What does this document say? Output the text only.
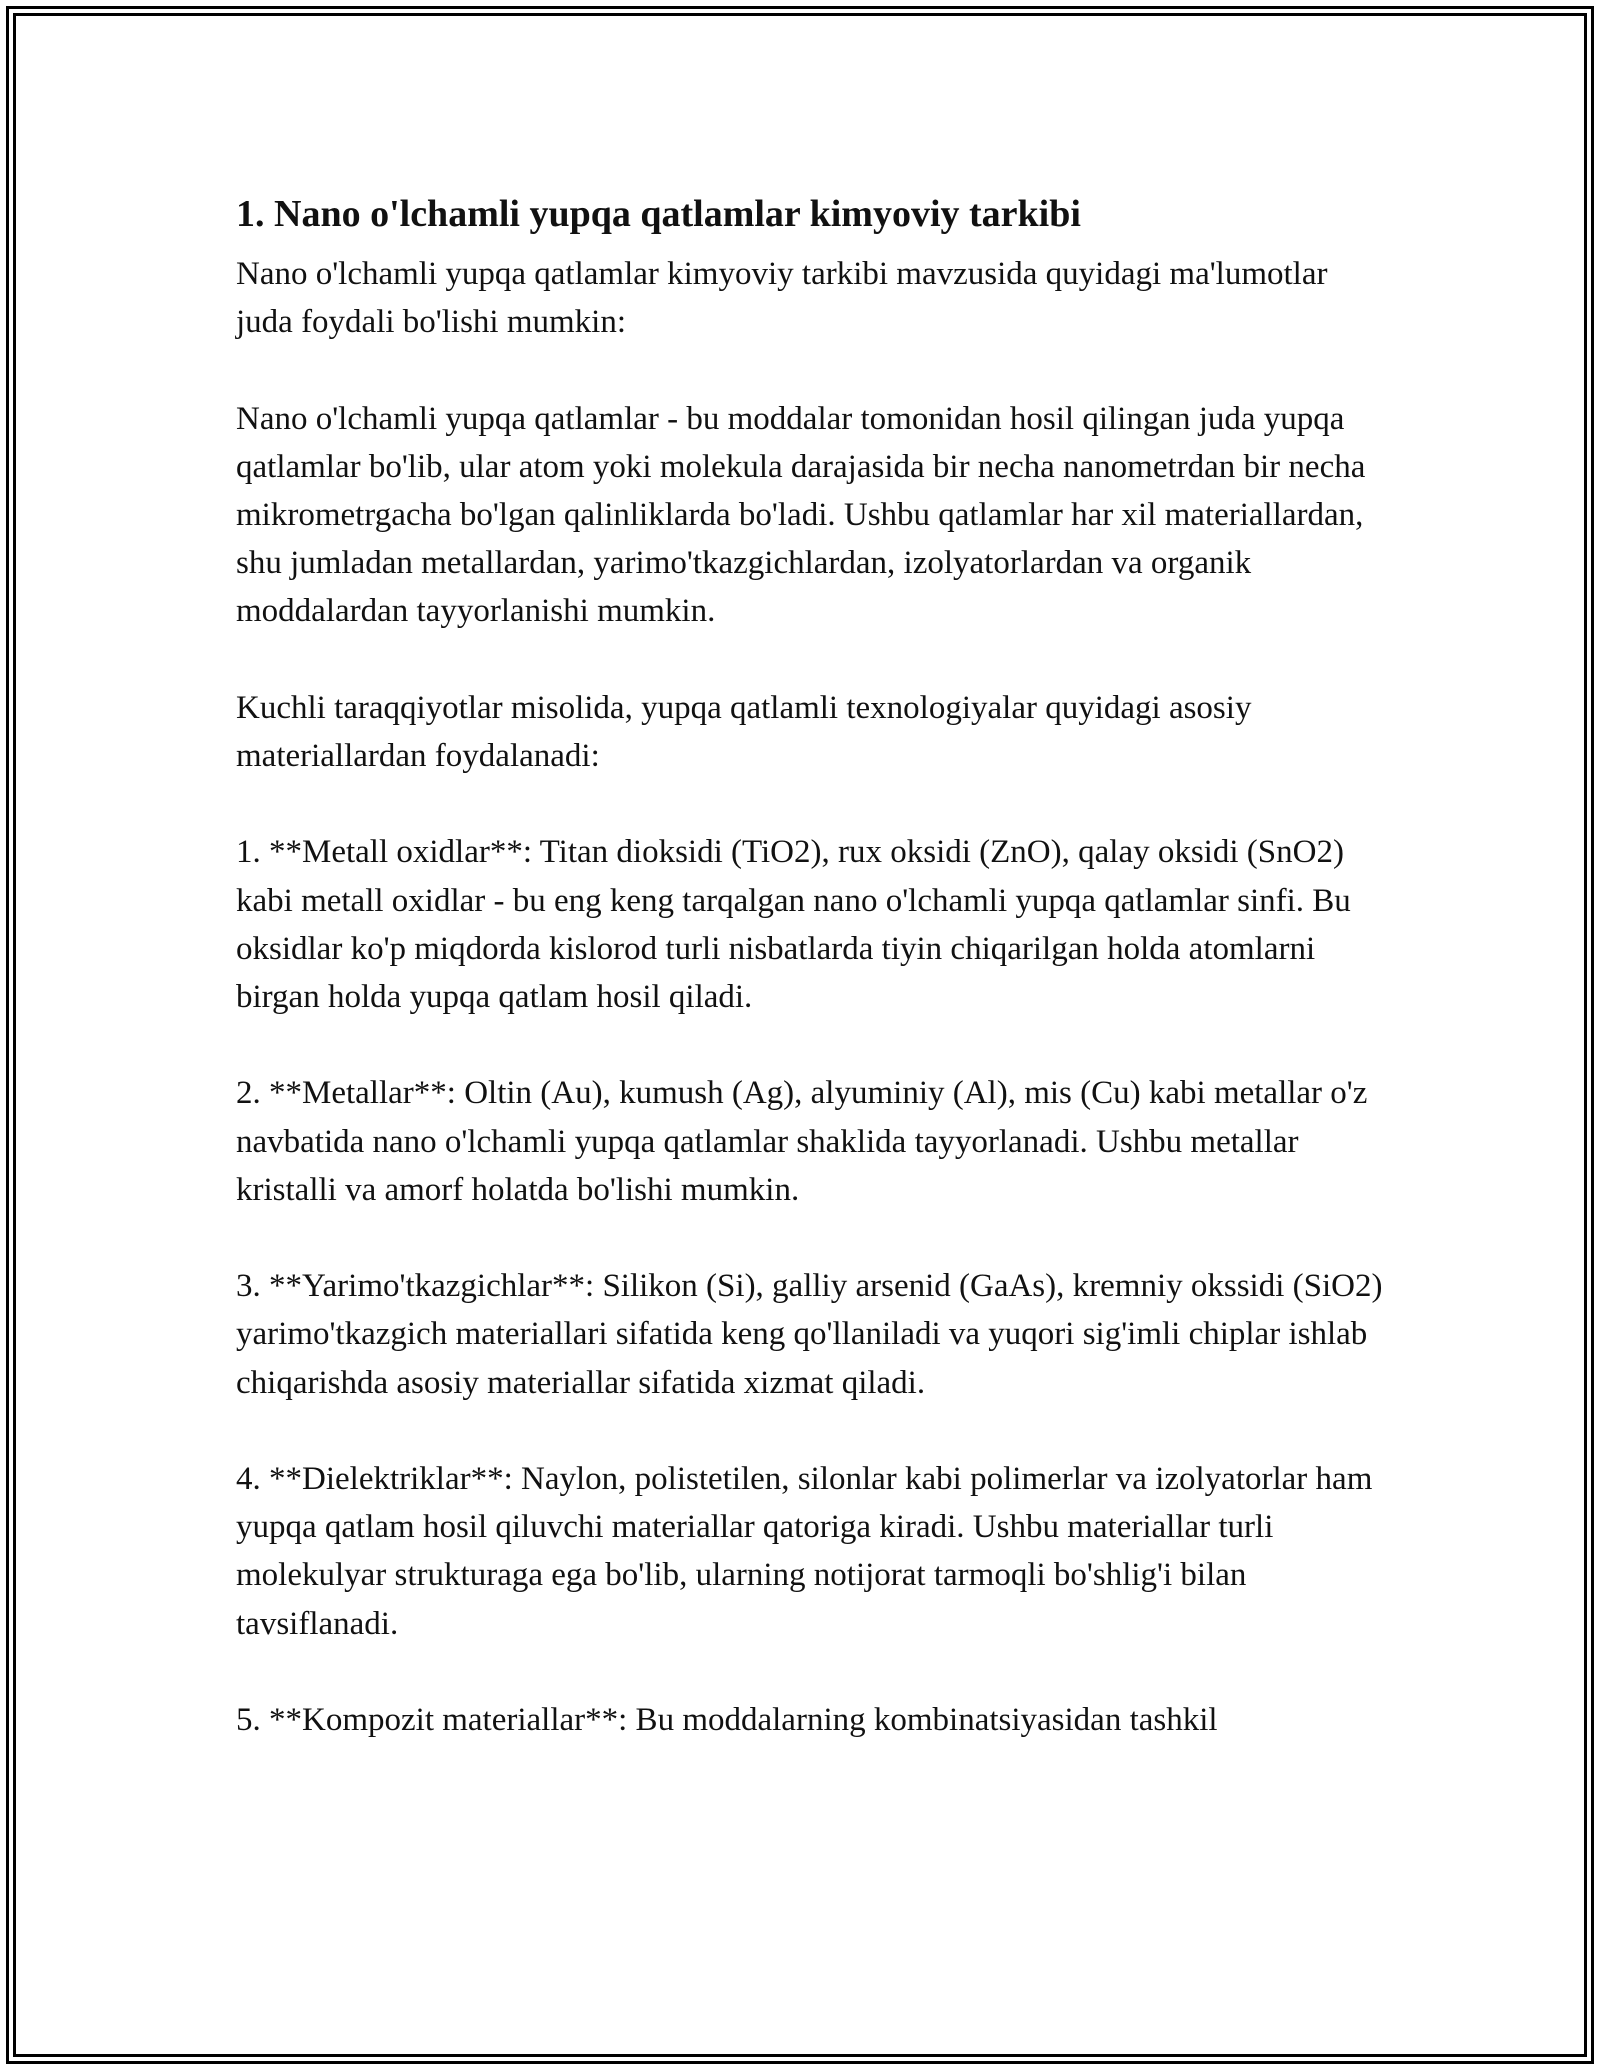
1. Nano o'lchamli yupqa qatlamlar kimyoviy tarkibi

Nano o'lchamli yupqa qatlamlar kimyoviy tarkibi mavzusida quyidagi ma'lumotlar juda foydali bo'lishi mumkin:

Nano o'lchamli yupqa qatlamlar - bu moddalar tomonidan hosil qilingan juda yupqa qatlamlar bo'lib, ular atom yoki molekula darajasida bir necha nanometrdan bir necha mikrometrgacha bo'lgan qalinliklarda bo'ladi. Ushbu qatlamlar har xil materiallardan, shu jumladan metallardan, yarimo'tkazgichlardan, izolyatorlardan va organik moddalardan tayyorlanishi mumkin.

Kuchli taraqqiyotlar misolida, yupqa qatlamli texnologiyalar quyidagi asosiy materiallardan foydalanadi:

1. **Metall oxidlar**: Titan dioksidi (TiO2), rux oksidi (ZnO), qalay oksidi (SnO2) kabi metall oxidlar - bu eng keng tarqalgan nano o'lchamli yupqa qatlamlar sinfi. Bu oksidlar ko'p miqdorda kislorod turli nisbatlarda tiyin chiqarilgan holda atomlarni birgan holda yupqa qatlam hosil qiladi.

2. **Metallar**: Oltin (Au), kumush (Ag), alyuminiy (Al), mis (Cu) kabi metallar o'z navbatida nano o'lchamli yupqa qatlamlar shaklida tayyorlanadi. Ushbu metallar kristalli va amorf holatda bo'lishi mumkin.

3. **Yarimo'tkazgichlar**: Silikon (Si), galliy arsenid (GaAs), kremniy okssidi (SiO2) yarimo'tkazgich materiallari sifatida keng qo'llaniladi va yuqori sig'imli chiplar ishlab chiqarishda asosiy materiallar sifatida xizmat qiladi.

4. **Dielektriklar**: Naylon, polistetilen, silonlar kabi polimerlar va izolyatorlar ham yupqa qatlam hosil qiluvchi materiallar qatoriga kiradi. Ushbu materiallar turli molekulyar strukturaga ega bo'lib, ularning notijorat tarmoqli bo'shlig'i bilan tavsiflanadi.

5. **Kompozit materiallar**: Bu moddalarning kombinatsiyasidan tashkil
